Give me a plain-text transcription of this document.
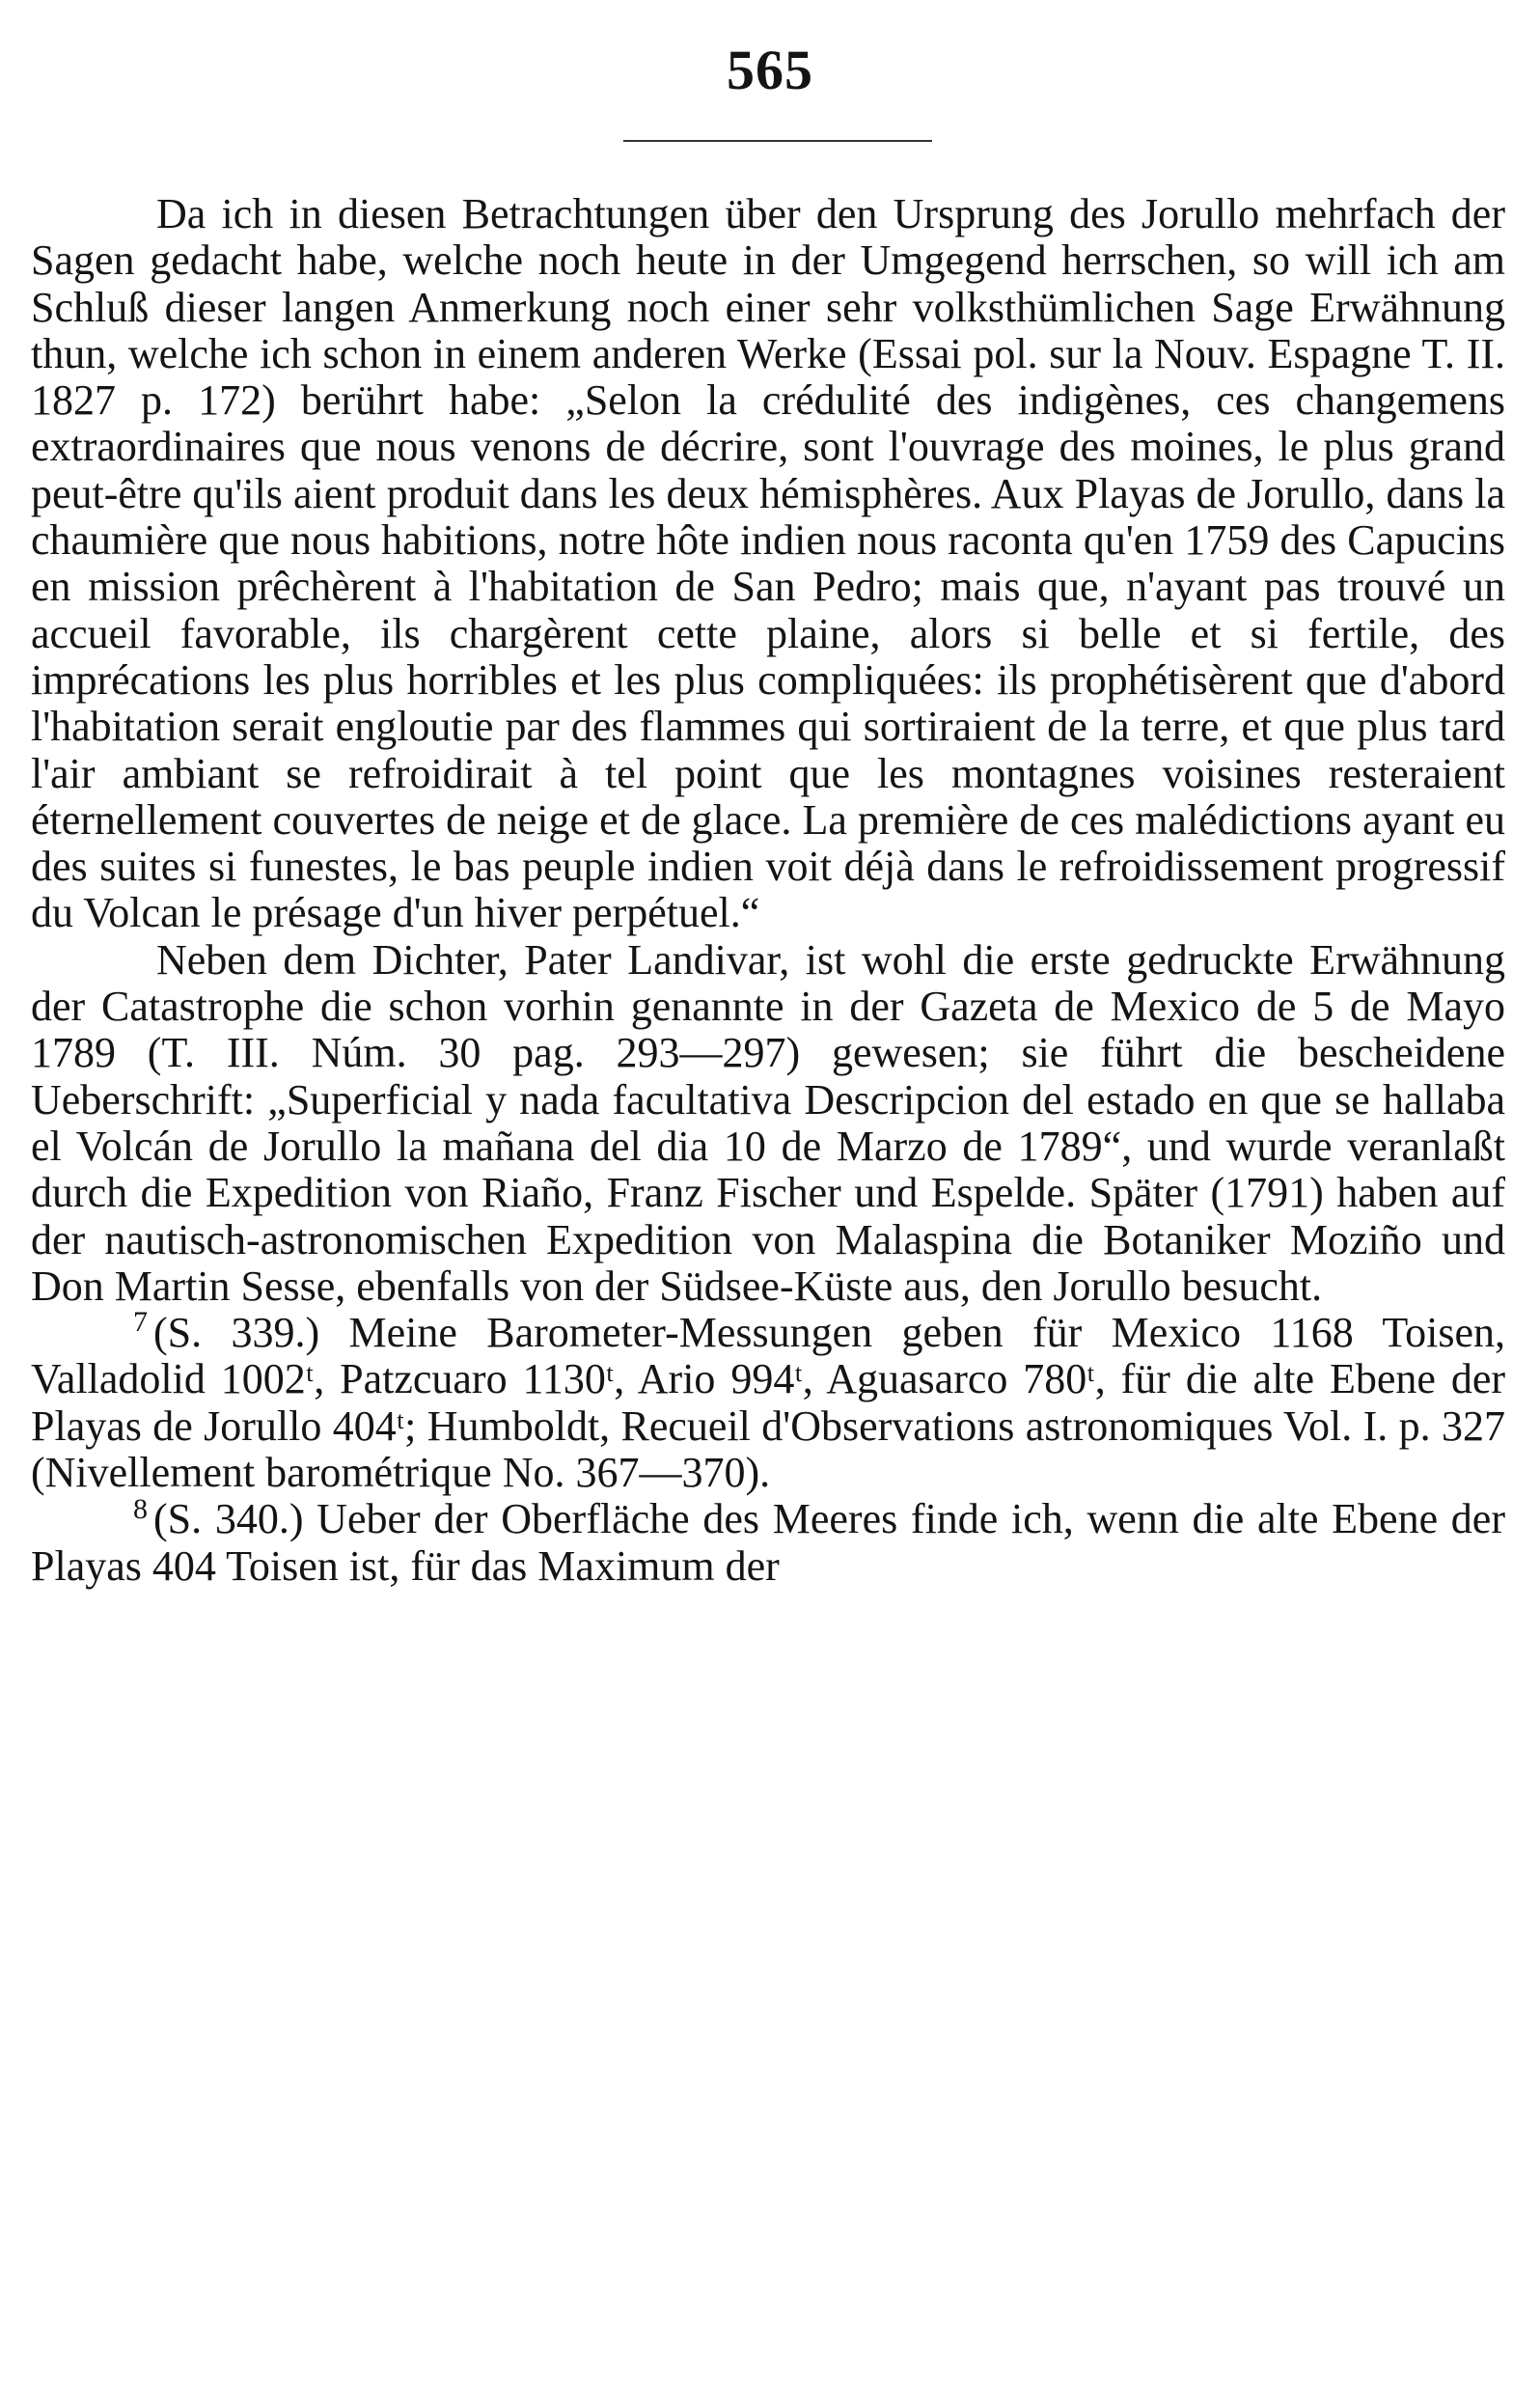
565

Da ich in diesen Betrachtungen über den Ursprung des Jorullo mehrfach der Sagen gedacht habe, welche noch heute in der Umgegend herrschen, so will ich am Schluß dieser langen Anmerkung noch einer sehr volksthümlichen Sage Erwähnung thun, welche ich schon in einem anderen Werke (Essai pol. sur la Nouv. Espagne T. II. 1827 p. 172) berührt habe: „Selon la crédulité des indigènes, ces changemens extraordinaires que nous venons de décrire, sont l'ouvrage des moines, le plus grand peut-être qu'ils aient produit dans les deux hémisphères. Aux Playas de Jorullo, dans la chaumière que nous habitions, notre hôte indien nous raconta qu'en 1759 des Capucins en mission prêchèrent à l'habitation de San Pedro; mais que, n'ayant pas trouvé un accueil favorable, ils chargèrent cette plaine, alors si belle et si fertile, des imprécations les plus horribles et les plus compliquées: ils prophétisèrent que d'abord l'habitation serait engloutie par des flammes qui sortiraient de la terre, et que plus tard l'air ambiant se refroidirait à tel point que les montagnes voisines resteraient éternellement couvertes de neige et de glace. La première de ces malédictions ayant eu des suites si funestes, le bas peuple indien voit déjà dans le refroidissement progressif du Volcan le présage d'un hiver perpétuel.“

Neben dem Dichter, Pater Landivar, ist wohl die erste gedruckte Erwähnung der Catastrophe die schon vorhin genannte in der Gazeta de Mexico de 5 de Mayo 1789 (T. III. Núm. 30 pag. 293—297) gewesen; sie führt die bescheidene Ueberschrift: „Superficial y nada facultativa Descripcion del estado en que se hallaba el Volcán de Jorullo la mañana del dia 10 de Marzo de 1789“, und wurde veranlaßt durch die Expedition von Riaño, Franz Fischer und Espelde. Später (1791) haben auf der nautisch-astronomischen Expedition von Malaspina die Botaniker Moziño und Don Martin Sesse, ebenfalls von der Südsee-Küste aus, den Jorullo besucht.

$^7$ (S. 339.) Meine Barometer-Messungen geben für Mexico 1168 Toisen, Valladolid 1002ᵗ, Patzcuaro 1130ᵗ, Ario 994ᵗ, Aguasarco 780ᵗ, für die alte Ebene der Playas de Jorullo 404ᵗ; Humboldt, Recueil d'Observations astronomiques Vol. I. p. 327 (Nivellement barométrique No. 367—370).

$^8$ (S. 340.) Ueber der Oberfläche des Meeres finde ich, wenn die alte Ebene der Playas 404 Toisen ist, für das Maximum der
